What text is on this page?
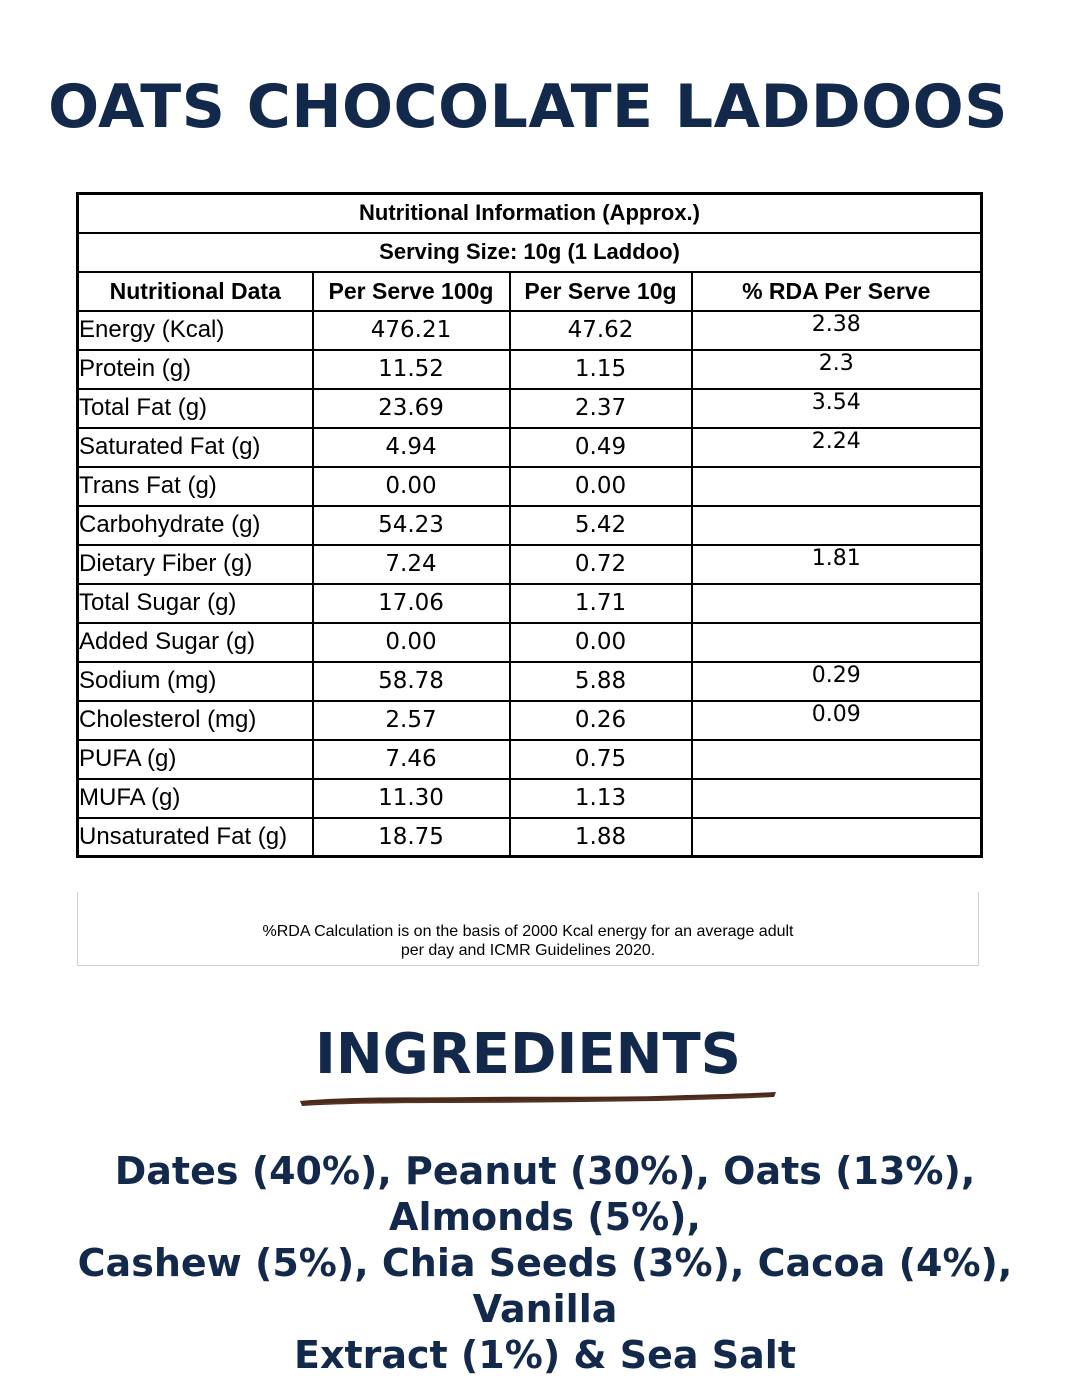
OATS CHOCOLATE LADDOOS
Nutritional Information (Approx.)			
Serving Size: 10g (1 Laddoo)			
Nutritional Data	Per Serve 100g	Per Serve 10g	% RDA Per Serve
Energy (Kcal)	476.21	47.62	2.38
Protein (g)	11.52	1.15	2.3
Total Fat (g)	23.69	2.37	3.54
Saturated Fat (g)	4.94	0.49	2.24
Trans Fat (g)	0.00	0.00	
Carbohydrate (g)	54.23	5.42	
Dietary Fiber (g)	7.24	0.72	1.81
Total Sugar (g)	17.06	1.71	
Added Sugar (g)	0.00	0.00	
Sodium (mg)	58.78	5.88	0.29
Cholesterol (mg)	2.57	0.26	0.09
PUFA (g)	7.46	0.75	
MUFA (g)	11.30	1.13	
Unsaturated Fat (g)	18.75	1.88	
%RDA Calculation is on the basis of 2000 Kcal energy for an average adult
per day and ICMR Guidelines 2020.
INGREDIENTS
Dates (40%), Peanut (30%), Oats (13%), Almonds (5%),
Cashew (5%), Chia Seeds (3%), Cacoa (4%), Vanilla
Extract (1%) & Sea Salt
